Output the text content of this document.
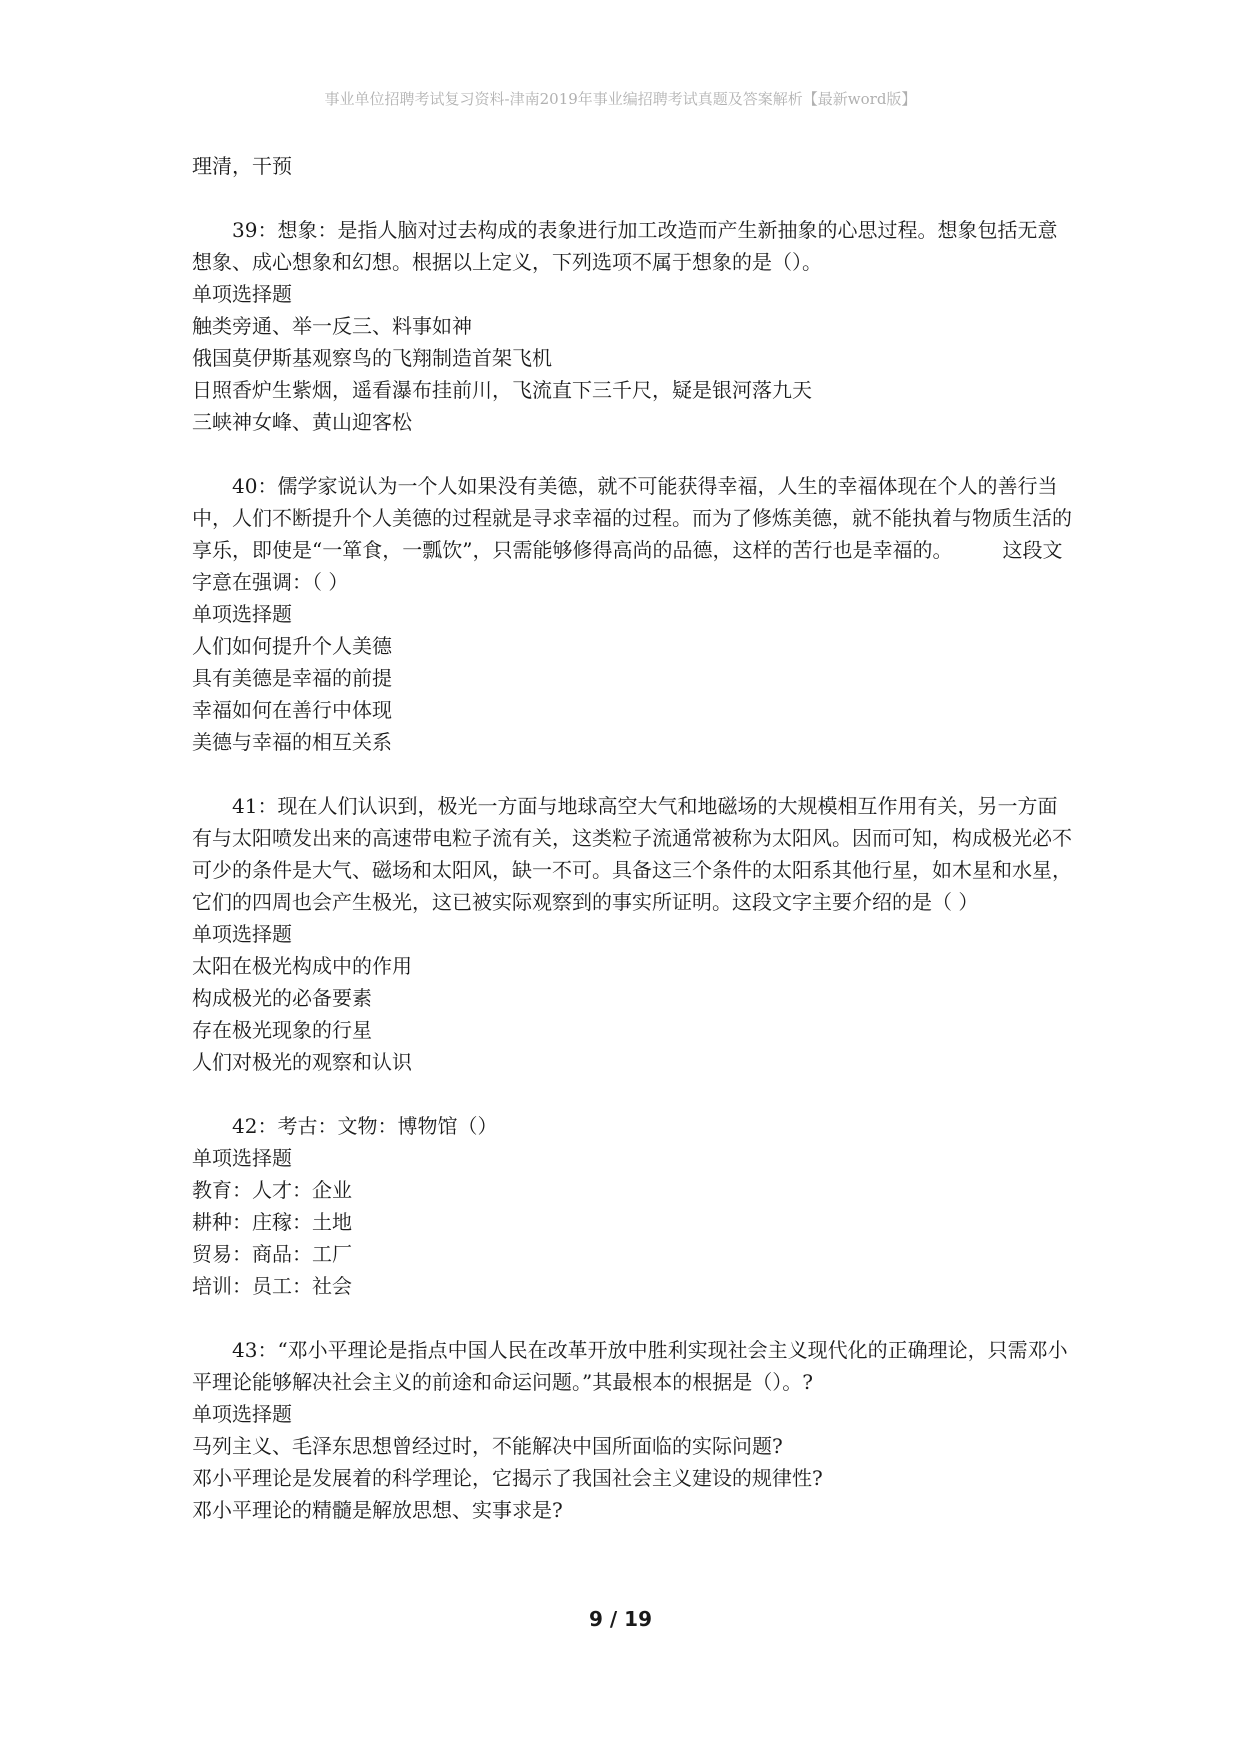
事业单位招聘考试复习资料-津南2019年事业编招聘考试真题及答案解析【最新word版】
理清，干预
39：想象：是指人脑对过去构成的表象进行加工改造而产生新抽象的心思过程。想象包括无意想象、成心想象和幻想。根据以上定义，下列选项不属于想象的是（）。
单项选择题
触类旁通、举一反三、料事如神
俄国莫伊斯基观察鸟的飞翔制造首架飞机
日照香炉生紫烟，遥看瀑布挂前川，飞流直下三千尺，疑是银河落九天
三峡神女峰、黄山迎客松
40：儒学家说认为一个人如果没有美德，就不可能获得幸福，人生的幸福体现在个人的善行当中，人们不断提升个人美德的过程就是寻求幸福的过程。而为了修炼美德，就不能执着与物质生活的享乐，即使是“一箪食，一瓢饮”，只需能够修得高尚的品德，这样的苦行也是幸福的。	这段文字意在强调：（ ）
单项选择题
人们如何提升个人美德
具有美德是幸福的前提
幸福如何在善行中体现
美德与幸福的相互关系
41：现在人们认识到，极光一方面与地球高空大气和地磁场的大规模相互作用有关，另一方面有与太阳喷发出来的高速带电粒子流有关，这类粒子流通常被称为太阳风。因而可知，构成极光必不可少的条件是大气、磁场和太阳风，缺一不可。具备这三个条件的太阳系其他行星，如木星和水星，它们的四周也会产生极光，这已被实际观察到的事实所证明。这段文字主要介绍的是（ ）
单项选择题
太阳在极光构成中的作用
构成极光的必备要素
存在极光现象的行星
人们对极光的观察和认识
42：考古：文物：博物馆（）
单项选择题
教育：人才：企业
耕种：庄稼：土地
贸易：商品：工厂
培训：员工：社会
43：“邓小平理论是指点中国人民在改革开放中胜利实现社会主义现代化的正确理论，只需邓小平理论能够解决社会主义的前途和命运问题。”其最根本的根据是（）。?
单项选择题
马列主义、毛泽东思想曾经过时，不能解决中国所面临的实际问题?
邓小平理论是发展着的科学理论，它揭示了我国社会主义建设的规律性?
邓小平理论的精髓是解放思想、实事求是?
9 / 19
